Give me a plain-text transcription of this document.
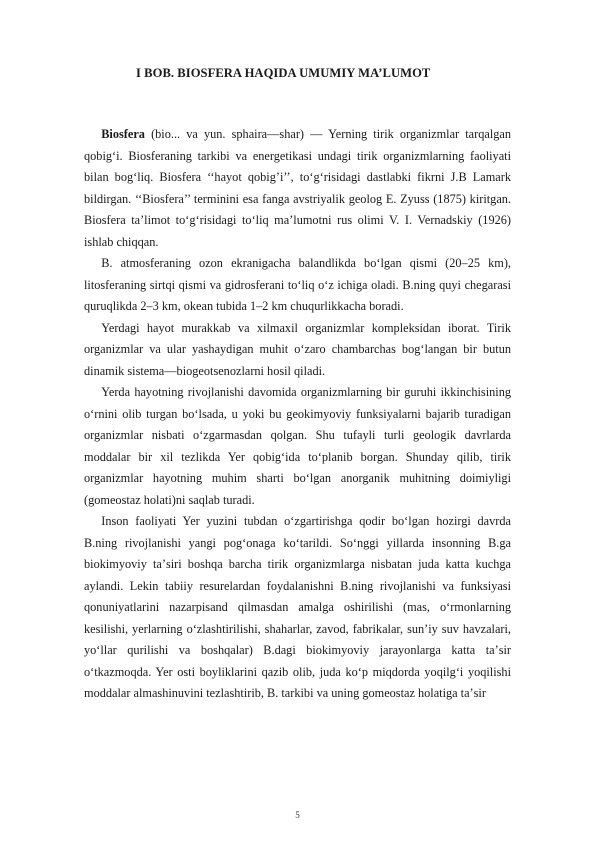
I BOB. BIOSFERA HAQIDA UMUMIY MA’LUMOT

Biosfera (bio... va yun. sphaira—shar) — Yerning tirik organizmlar tarqalgan qobigʻi. Biosferaning tarkibi va energetikasi undagi tirik organizmlarning faoliyati bilan bogʻliq. Biosfera ‘‘hayot qobig’i’’, toʻgʻrisidagi dastlabki fikrni J.B Lamark bildirgan. ‘‘Biosfera’’ terminini esa fanga avstriyalik geolog E. Zyuss (1875) kiritgan. Biosfera taʼlimot toʻgʻrisidagi toʻliq maʼlumotni rus olimi V. I. Vernadskiy (1926) ishlab chiqqan.

B. atmosferaning ozon ekranigacha balandlikda boʻlgan qismi (20–25 km), litosferaning sirtqi qismi va gidrosferani toʻliq oʻz ichiga oladi. B.ning quyi chegarasi quruqlikda 2–3 km, okean tubida 1–2 km chuqurlikkacha boradi.

Yerdagi hayot murakkab va xilmaxil organizmlar kompleksidan iborat. Tirik organizmlar va ular yashaydigan muhit oʻzaro chambarchas bogʻlangan bir butun dinamik sistema—biogeotsenozlarni hosil qiladi.

Yerda hayotning rivojlanishi davomida organizmlarning bir guruhi ikkinchisining oʻrnini olib turgan boʻlsada, u yoki bu geokimyoviy funksiyalarni bajarib turadigan organizmlar nisbati oʻzgarmasdan qolgan. Shu tufayli turli geologik davrlarda moddalar bir xil tezlikda Yer qobigʻida toʻplanib borgan. Shunday qilib, tirik organizmlar hayotning muhim sharti boʻlgan anorganik muhitning doimiyligi (gomeostaz holati)ni saqlab turadi.

Inson faoliyati Yer yuzini tubdan oʻzgartirishga qodir boʻlgan hozirgi davrda B.ning rivojlanishi yangi pogʻonaga koʻtarildi. Soʻnggi yillarda insonning B.ga biokimyoviy taʼsiri boshqa barcha tirik organizmlarga nisbatan juda katta kuchga aylandi. Lekin tabiiy resurelardan foydalanishni B.ning rivojlanishi va funksiyasi qonuniyatlarini nazarpisand qilmasdan amalga oshirilishi (mas, oʻrmonlarning kesilishi, yerlarning oʻzlashtirilishi, shaharlar, zavod, fabrikalar, sunʼiy suv havzalari, yoʻllar qurilishi va boshqalar) B.dagi biokimyoviy jarayonlarga katta taʼsir oʻtkazmoqda. Yer osti boyliklarini qazib olib, juda koʻp miqdorda yoqilgʻi yoqilishi moddalar almashinuvini tezlashtirib, B. tarkibi va uning gomeostaz holatiga taʼsir

5
